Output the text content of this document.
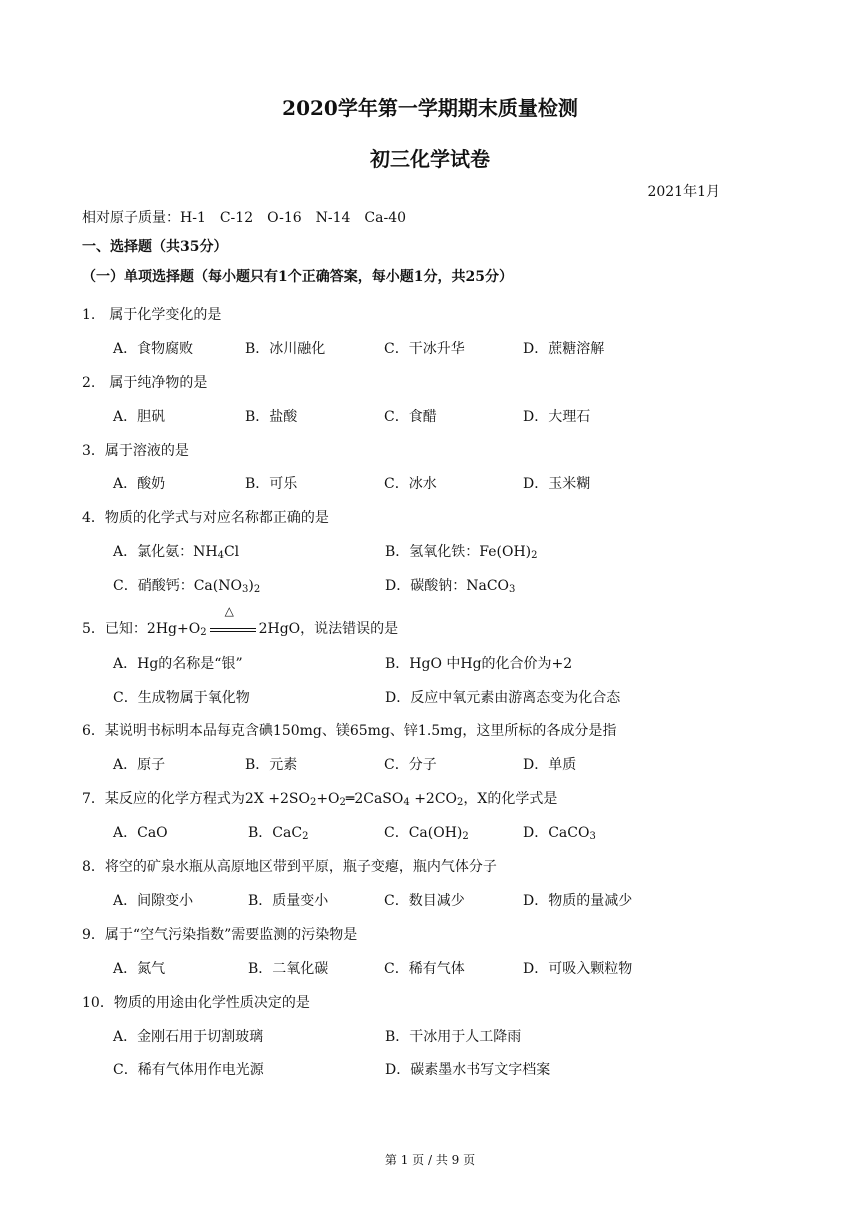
2020学年第一学期期末质量检测
初三化学试卷
2021年1月
相对原子质量：H-1　C-12　O-16　N-14　Ca-40
一、选择题（共35分）
（一）单项选择题（每小题只有1个正确答案，每小题1分，共25分）
1.　属于化学变化的是
A．食物腐败	B．冰川融化	C．干冰升华	D．蔗糖溶解
2.　属于纯净物的是
A．胆矾	B．盐酸	C．食醋	D．大理石
3．属于溶液的是
A．酸奶	B．可乐	C．冰水	D．玉米糊
4．物质的化学式与对应名称都正确的是
A．氯化氨：$NH_4Cl$	B．氢氧化铁：$Fe(OH)_2$
C．硝酸钙：$Ca(NO_3)_2$	D．碳酸钠：NaCO$_3$
5．已知：$2Hg+O_2$
△
2HgO，说法错误的是
A．Hg的名称是“银”	B．HgO 中Hg的化合价为+2
C．生成物属于氧化物	D．反应中氧元素由游离态变为化合态
6．某说明书标明本品每克含碘150mg、镁65mg、锌1.5mg，这里所标的各成分是指
A．原子	B．元素	C．分子	D．单质
7．某反应的化学方程式为$2X +2SO_2+O_2═2CaSO_4 +2CO_2$，X的化学式是
A．CaO	B．CaC$_2$	C．$Ca(OH)_2$	D．CaCO$_3$
8．将空的矿泉水瓶从高原地区带到平原，瓶子变瘪，瓶内气体分子
A．间隙变小	B．质量变小	C．数目减少	D．物质的量减少
9．属于“空气污染指数”需要监测的污染物是
A．氮气	B．二氧化碳	C．稀有气体	D．可吸入颗粒物
10．物质的用途由化学性质决定的是
A．金刚石用于切割玻璃	B．干冰用于人工降雨
C．稀有气体用作电光源	D．碳素墨水书写文字档案
第 1 页 / 共 9 页
